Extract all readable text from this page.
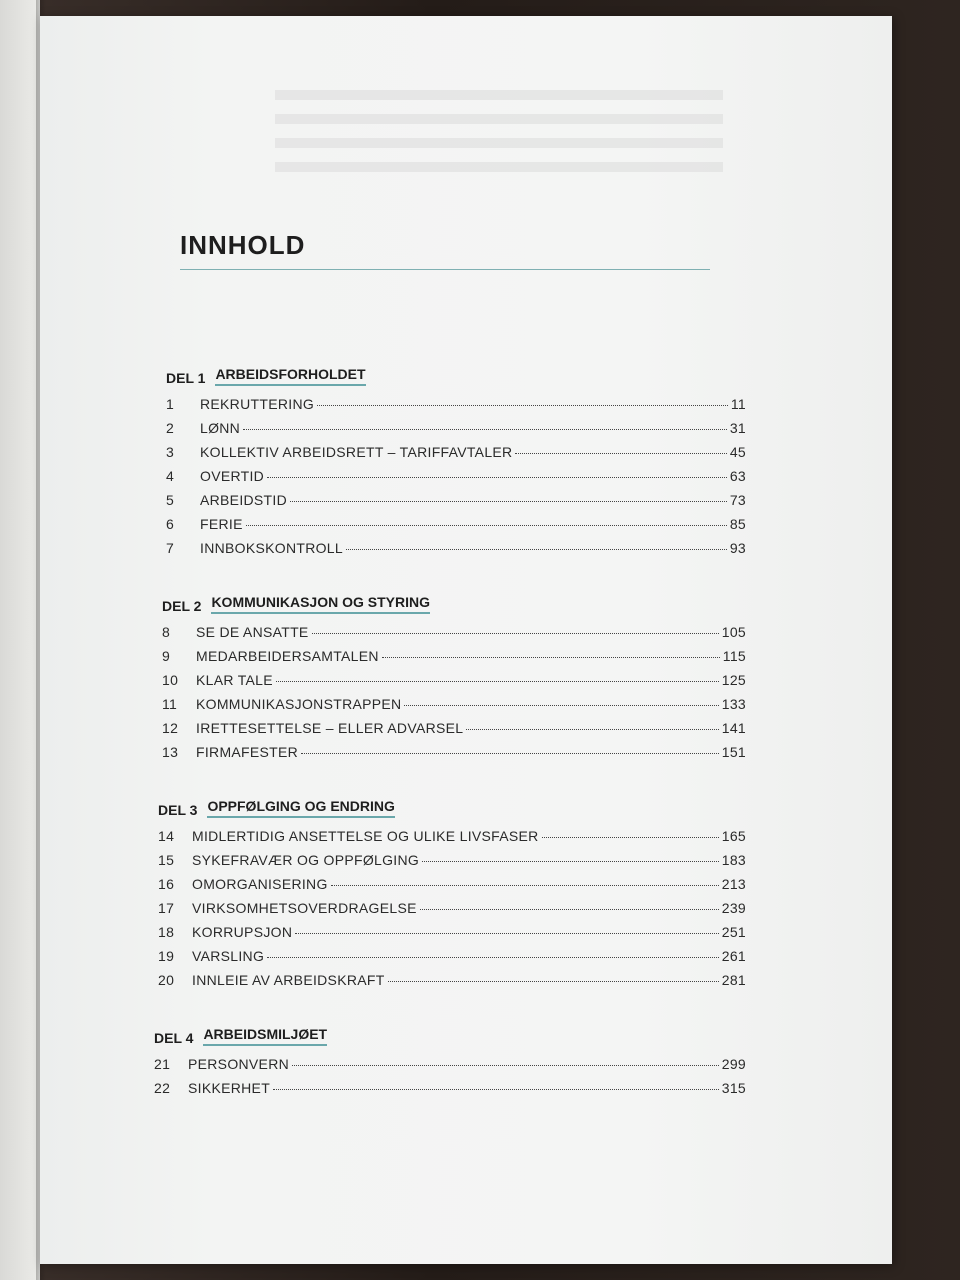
INNHOLD
DEL 1 ARBEIDSFORHOLDET
1	REKRUTTERING	11
2	LØNN	31
3	KOLLEKTIV ARBEIDSRETT – TARIFFAVTALER	45
4	OVERTID	63
5	ARBEIDSTID	73
6	FERIE	85
7	INNBOKSKONTROLL	93
DEL 2 KOMMUNIKASJON OG STYRING
8	SE DE ANSATTE	105
9	MEDARBEIDERSAMTALEN	115
10	KLAR TALE	125
11	KOMMUNIKASJONSTRAPPEN	133
12	IRETTESETTELSE – ELLER ADVARSEL	141
13	FIRMAFESTER	151
DEL 3 OPPFØLGING OG ENDRING
14	MIDLERTIDIG ANSETTELSE OG ULIKE LIVSFASER	165
15	SYKEFRAVÆR OG OPPFØLGING	183
16	OMORGANISERING	213
17	VIRKSOMHETSOVERDRAGELSE	239
18	KORRUPSJON	251
19	VARSLING	261
20	INNLEIE AV ARBEIDSKRAFT	281
DEL 4 ARBEIDSMILJØET
21	PERSONVERN	299
22	SIKKERHET	315
